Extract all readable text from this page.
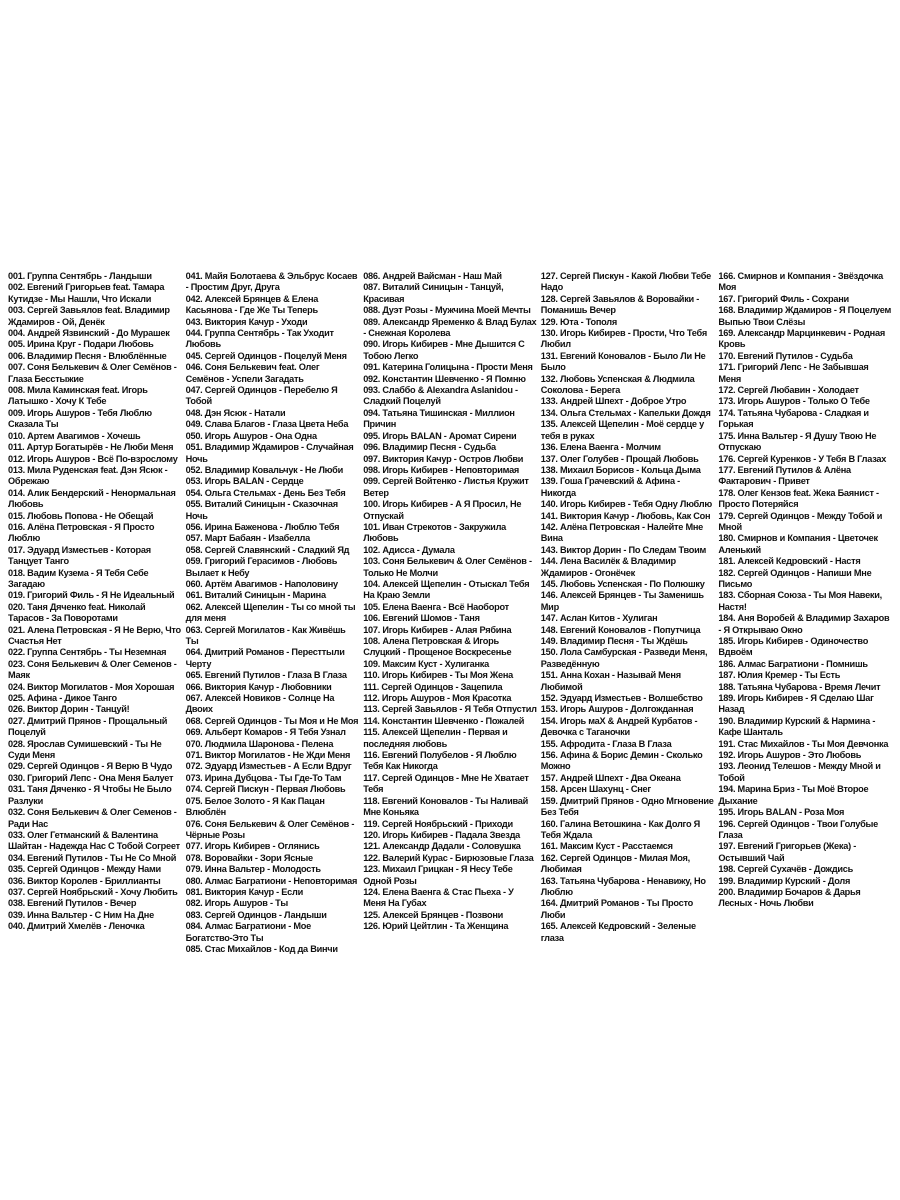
001. Группа Сентябрь - Ландыши
002. Евгений Григорьев feat. Тамара Кутидзе - Мы Нашли, Что Искали
003. Сергей Завьялов feat. Владимир Ждамиров - Ой, Денёк
004. Андрей Язвинский - До Мурашек
005. Ирина Круг - Подари Любовь
006. Владимир Песня - Влюблённые
007. Соня Белькевич & Олег Семёнов - Глаза Бесстыжие
008. Мила Каминская feat. Игорь Латышко - Хочу К Тебе
009. Игорь Ашуров - Тебя Люблю Сказала Ты
010. Артем Авагимов - Хочешь
011. Артур Богатырёв - Не Люби Меня
012. Игорь Ашуров - Всё По-взрослому
013. Мила Руденская feat. Дэн Ясюк - Обрежаю
014. Алик Бендерский - Ненормальная Любовь
015. Любовь Попова - Не Обещай
016. Алёна Петровская - Я Просто Люблю
017. Эдуард Изместьев - Которая Танцует Танго
018. Вадим Кузема - Я Тебя Себе Загадаю
019. Григорий Филь - Я Не Идеальный
020. Таня Дяченко feat. Николай Тарасов - За Поворотами
021. Алена Петровская - Я Не Верю, Что Счастья Нет
022. Группа Сентябрь - Ты Неземная
023. Соня Белькевич & Олег Семенов - Маяк
024. Виктор Могилатов - Моя Хорошая
025. Афина - Дикое Танго
026. Виктор Дорин - Танцуй!
027. Дмитрий Прянов - Прощальный Поцелуй
028. Ярослав Сумишевский - Ты Не Суди Меня
029. Сергей Одинцов - Я Верю В Чудо
030. Григорий Лепс - Она Меня Балует
031. Таня Дяченко - Я Чтобы Не Было Разлуки
032. Соня Белькевич & Олег Семенов - Ради Нас
033. Олег Гетманский & Валентина Шайтан - Надежда Нас С Тобой Согреет
034. Евгений Путилов - Ты Не Со Мной
035. Сергей Одинцов - Между Нами
036. Виктор Королев - Бриллианты
037. Сергей Ноябрьский - Хочу Любить
038. Евгений Путилов - Вечер
039. Инна Вальтер - С Ним На Дне
040. Дмитрий Хмелёв - Леночка
041. Майя Болотаева & Эльбрус Косаев - Простим Друг, Друга
042. Алексей Брянцев & Елена Касьянова - Где Же Ты Теперь
043. Виктория Качур - Уходи
044. Группа Сентябрь - Так Уходит Любовь
045. Сергей Одинцов - Поцелуй Меня
046. Соня Белькевич feat. Олег Семёнов - Успели Загадать
047. Сергей Одинцов - Перебелю Я Тобой
048. Дэн Ясюк - Натали
049. Слава Благов - Глаза Цвета Неба
050. Игорь Ашуров - Она Одна
051. Владимир Ждамиров - Случайная Ночь
052. Владимир Ковальчук - Не Люби
053. Игорь BALAN - Сердце
054. Ольга Стельмах - День Без Тебя
055. Виталий Синицын - Сказочная Ночь
056. Ирина Баженова - Люблю Тебя
057. Март Бабаян - Изабелла
058. Сергей Славянский - Сладкий Яд
059. Григорий Герасимов - Любовь Вылает к Небу
060. Артём Авагимов - Наполовину
061. Виталий Синицын - Марина
062. Алексей Щепелин - Ты со мной ты для меня
063. Сергей Могилатов - Как Живёшь Ты
064. Дмитрий Романов - Пересттыли Черту
065. Евгений Путилов - Глаза В Глаза
066. Виктория Качур - Любовники
067. Алексей Новиков - Солнце На Двоих
068. Сергей Одинцов - Ты Моя и Не Моя
069. Альберт Комаров - Я Тебя Узнал
070. Людмила Шаронова - Пелена
071. Виктор Могилатов - Не Жди Меня
072. Эдуард Изместьев - А Если Вдруг
073. Ирина Дубцова - Ты Где-То Там
074. Сергей Пискун - Первая Любовь
075. Белое Золото - Я Как Пацан Влюблён
076. Соня Белькевич & Олег Семёнов - Чёрные Розы
077. Игорь Кибирев - Оглянись
078. Воровайки - Зори Ясные
079. Инна Вальтер - Молодость
080. Алмас Багратиони - Неповторимая
081. Виктория Качур - Если
082. Игорь Ашуров - Ты
083. Сергей Одинцов - Ландыши
084. Алмас Багратиони - Мое Богатство-Это Ты
085. Стас Михайлов - Код да Винчи
086. Андрей Вайсман - Наш Май
087. Виталий Синицын - Танцуй, Красивая
088. Дуэт Розы - Мужчина Моей Мечты
089. Александр Яременко & Влад Булах - Снежная Королева
090. Игорь Кибирев - Мне Дышится С Тобою Легко
091. Катерина Голицына - Прости Меня
092. Константин Шевченко - Я Помню
093. Слаббо & Alexandra Aslanidou - Сладкий Поцелуй
094. Татьяна Тишинская - Миллион Причин
095. Игорь BALAN - Аромат Сирени
096. Владимир Песня - Судьба
097. Виктория Качур - Остров Любви
098. Игорь Кибирев - Неповторимая
099. Сергей Войтенко - Листья Кружит Ветер
100. Игорь Кибирев - А Я Просил, Не Отпускай
101. Иван Стрекотов - Закружила Любовь
102. Адисса - Думала
103. Соня Белькевич & Олег Семёнов - Только Не Молчи
104. Алексей Щепелин - Отыскал Тебя На Краю Земли
105. Елена Ваенга - Всё Наоборот
106. Евгений Шомов - Таня
107. Игорь Кибирев - Алая Рябина
108. Алена Петровская & Игорь Слуцкий - Прощеное Воскресенье
109. Максим Куст - Хулиганка
110. Игорь Кибирев - Ты Моя Жена
111. Сергей Одинцов - Зацепила
112. Игорь Ашуров - Моя Красотка
113. Сергей Завьялов - Я Тебя Отпустил
114. Константин Шевченко - Пожалей
115. Алексей Щепелин - Первая и последняя любовь
116. Евгений Полубелов - Я Люблю Тебя Как Никогда
117. Сергей Одинцов - Мне Не Хватает Тебя
118. Евгений Коновалов - Ты Наливай Мне Коньяка
119. Сергей Ноябрьский - Приходи
120. Игорь Кибирев - Падала Звезда
121. Александр Дадали - Соловушка
122. Валерий Курас - Бирюзовые Глаза
123. Михаил Грицкан - Я Несу Тебе Одной Розы
124. Елена Ваенга & Стас Пьеха - У Меня На Губах
125. Алексей Брянцев - Позвони
126. Юрий Цейтлин - Та Женщина
127. Сергей Пискун - Какой Любви Тебе Надо
128. Сергей Завьялов & Воровайки - Поманишь Вечер
129. Юта - Тополя
130. Игорь Кибирев - Прости, Что Тебя Любил
131. Евгений Коновалов - Было Ли Не Было
132. Любовь Успенская & Людмила Соколова - Берега
133. Андрей Шпехт - Доброе Утро
134. Ольга Стельмах - Капельки Дождя
135. Алексей Щепелин - Моё сердце у тебя в руках
136. Елена Ваенга - Молчим
137. Олег Голубев - Прощай Любовь
138. Михаил Борисов - Кольца Дыма
139. Гоша Грачевский & Афина - Никогда
140. Игорь Кибирев - Тебя Одну Люблю
141. Виктория Качур - Любовь, Как Сон
142. Алёна Петровская - Налейте Мне Вина
143. Виктор Дорин - По Следам Твоим
144. Лена Василёк & Владимир Ждамиров - Огонёчек
145. Любовь Успенская - По Полюшку
146. Алексей Брянцев - Ты Заменишь Мир
147. Аслан Китов - Хулиган
148. Евгений Коновалов - Попутчица
149. Владимир Песня - Ты Ждёшь
150. Лола Самбурская - Разведи Меня, Разведённую
151. Анна Кохан - Называй Меня Любимой
152. Эдуард Изместьев - Волшебство
153. Игорь Ашуров - Долгожданная
154. Игорь маХ & Андрей Курбатов - Девочка с Таганочки
155. Афродита - Глаза В Глаза
156. Афина & Борис Демин - Сколько Можно
157. Андрей Шпехт - Два Океана
158. Арсен Шахунц - Снег
159. Дмитрий Прянов - Одно Мгновение Без Тебя
160. Галина Ветошкина - Как Долго Я Тебя Ждала
161. Максим Куст - Расстаемся
162. Сергей Одинцов - Милая Моя, Любимая
163. Татьяна Чубарова - Ненавижу, Но Люблю
164. Дмитрий Романов - Ты Просто Люби
165. Алексей Кедровский - Зеленые глаза
166. Смирнов и Компания - Звёздочка Моя
167. Григорий Филь - Сохрани
168. Владимир Ждамиров - Я Поцелуем Выпью Твои Слёзы
169. Александр Марцинкевич - Родная Кровь
170. Евгений Путилов - Судьба
171. Григорий Лепс - Не Забывшая Меня
172. Сергей Любавин - Холодает
173. Игорь Ашуров - Только О Тебе
174. Татьяна Чубарова - Сладкая и Горькая
175. Инна Вальтер - Я Душу Твою Не Отпускаю
176. Сергей Куренков - У Тебя В Глазах
177. Евгений Путилов & Алёна Фактарович - Привет
178. Олег Кензов feat. Жека Баянист - Просто Потеряйся
179. Сергей Одинцов - Между Тобой и Мной
180. Смирнов и Компания - Цветочек Аленький
181. Алексей Кедровский - Настя
182. Сергей Одинцов - Напиши Мне Письмо
183. Сборная Союза - Ты Моя Навеки, Настя!
184. Аня Воробей & Владимир Захаров - Я Открываю Окно
185. Игорь Кибирев - Одиночество Вдвоём
186. Алмас Багратиони - Помнишь
187. Юлия Кремер - Ты Есть
188. Татьяна Чубарова - Время Лечит
189. Игорь Кибирев - Я Сделаю Шаг Назад
190. Владимир Курский & Нармина - Кафе Шанталь
191. Стас Михайлов - Ты Моя Девчонка
192. Игорь Ашуров - Это Любовь
193. Леонид Телешов - Между Мной и Тобой
194. Марина Бриз - Ты Моё Второе Дыхание
195. Игорь BALAN - Роза Моя
196. Сергей Одинцов - Твои Голубые Глаза
197. Евгений Григорьев (Жека) - Остывший Чай
198. Сергей Сухачёв - Дождись
199. Владимир Курский - Доля
200. Владимир Бочаров & Дарья Лесных - Ночь Любви
